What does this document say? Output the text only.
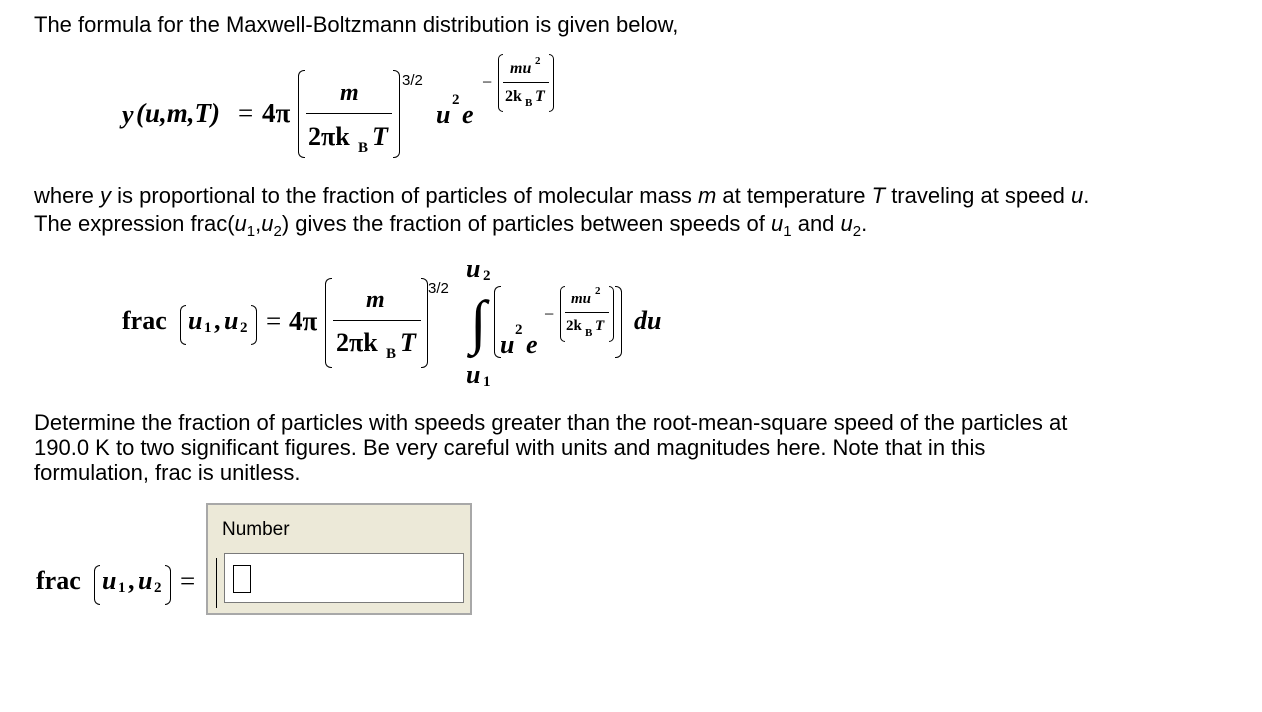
The formula for the Maxwell-Boltzmann distribution is given below,
y (u,m,T) = 4π
m
2πk B T
3/2
u 2 e
−
mu 2
2k B T
where y is proportional to the fraction of particles of molecular mass m at temperature T traveling at speed u.
The expression $frac(u_1,u_2)$ gives the fraction of particles between speeds of $u_1$ and $u_2$.
frac u 1 , u 2 = 4π
m
2πk B T
3/2
u 2
∫
u 1
u 2 e
−
mu 2
2k B T du
Determine the fraction of particles with speeds greater than the root-mean-square speed of the particles at
190.0 K to two significant figures. Be very careful with units and magnitudes here. Note that in this
formulation, frac is unitless.
frac u 1 , u 2 =
Number
